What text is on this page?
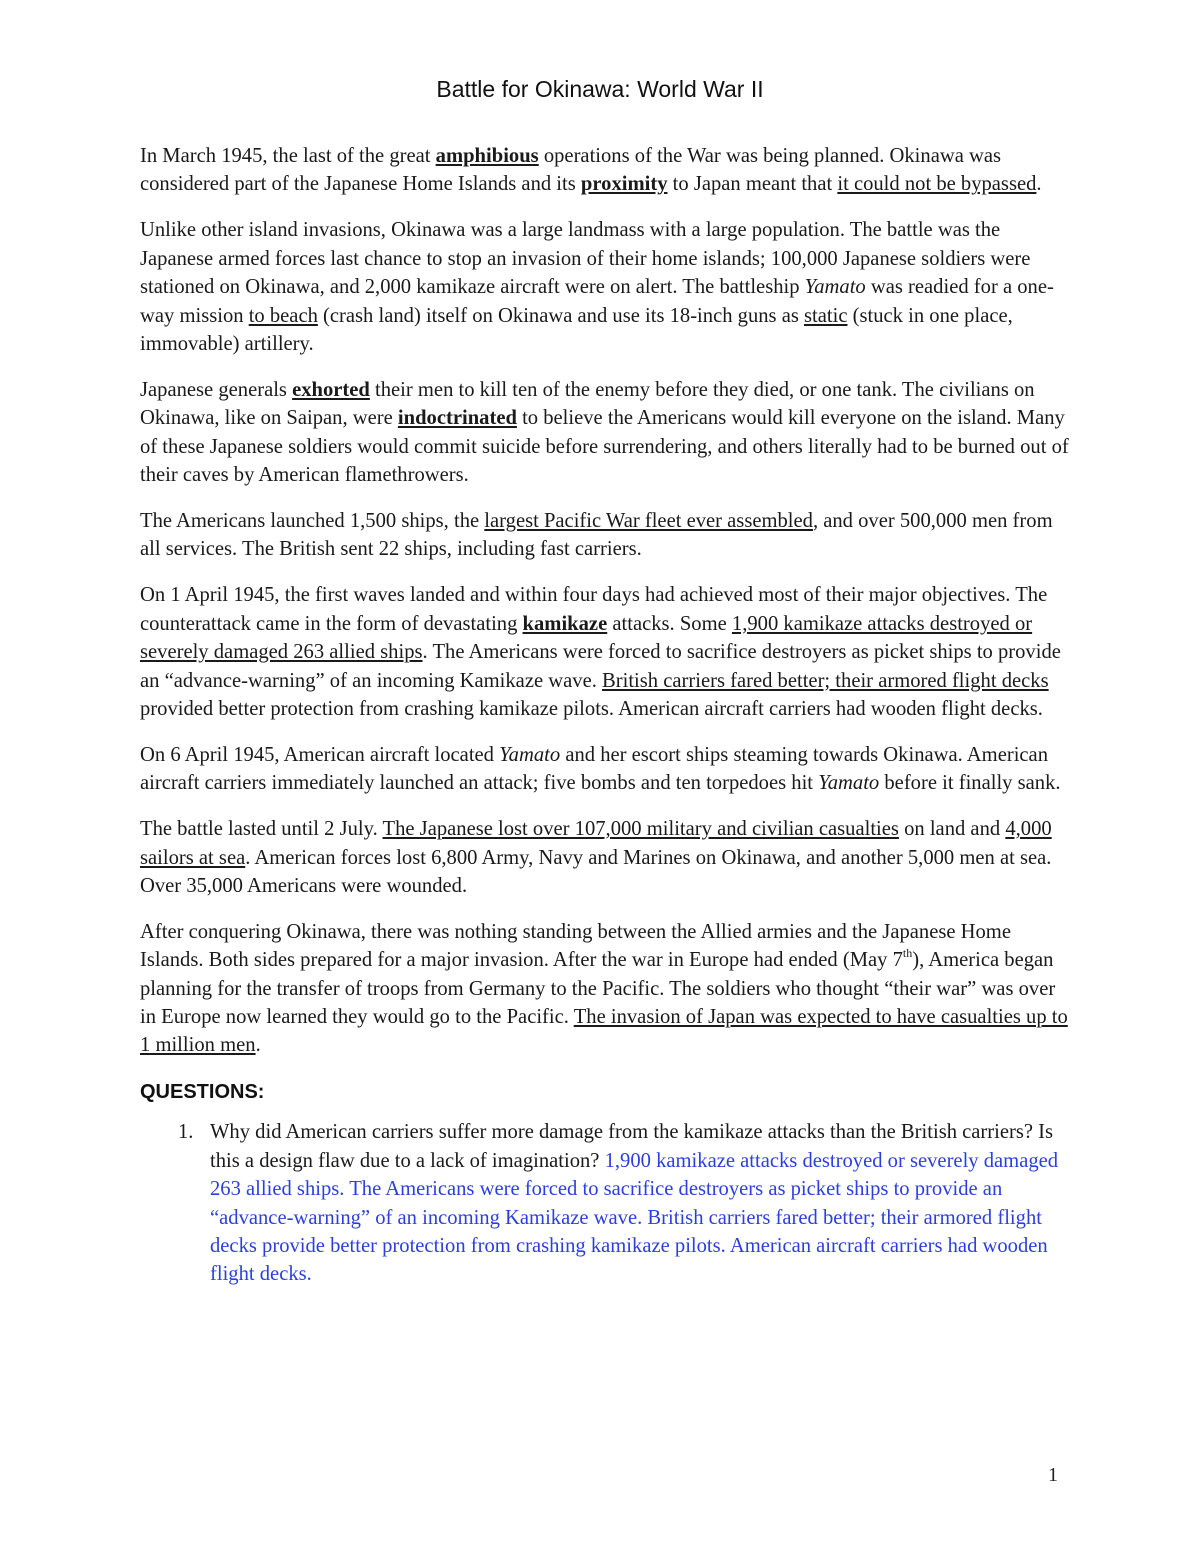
Battle for Okinawa: World War II

In March 1945, the last of the great amphibious operations of the War was being planned. Okinawa was considered part of the Japanese Home Islands and its proximity to Japan meant that it could not be bypassed.

Unlike other island invasions, Okinawa was a large landmass with a large population. The battle was the Japanese armed forces last chance to stop an invasion of their home islands; 100,000 Japanese soldiers were stationed on Okinawa, and 2,000 kamikaze aircraft were on alert. The battleship Yamato was readied for a one-way mission to beach (crash land) itself on Okinawa and use its 18-inch guns as static (stuck in one place, immovable) artillery.

Japanese generals exhorted their men to kill ten of the enemy before they died, or one tank. The civilians on Okinawa, like on Saipan, were indoctrinated to believe the Americans would kill everyone on the island. Many of these Japanese soldiers would commit suicide before surrendering, and others literally had to be burned out of their caves by American flamethrowers.

The Americans launched 1,500 ships, the largest Pacific War fleet ever assembled, and over 500,000 men from all services. The British sent 22 ships, including fast carriers.

On 1 April 1945, the first waves landed and within four days had achieved most of their major objectives. The counterattack came in the form of devastating kamikaze attacks. Some 1,900 kamikaze attacks destroyed or severely damaged 263 allied ships. The Americans were forced to sacrifice destroyers as picket ships to provide an “advance-warning” of an incoming Kamikaze wave. British carriers fared better; their armored flight decks provided better protection from crashing kamikaze pilots. American aircraft carriers had wooden flight decks.

On 6 April 1945, American aircraft located Yamato and her escort ships steaming towards Okinawa. American aircraft carriers immediately launched an attack; five bombs and ten torpedoes hit Yamato before it finally sank.

The battle lasted until 2 July. The Japanese lost over 107,000 military and civilian casualties on land and 4,000 sailors at sea. American forces lost 6,800 Army, Navy and Marines on Okinawa, and another 5,000 men at sea. Over 35,000 Americans were wounded.

After conquering Okinawa, there was nothing standing between the Allied armies and the Japanese Home Islands. Both sides prepared for a major invasion. After the war in Europe had ended (May 7th), America began planning for the transfer of troops from Germany to the Pacific. The soldiers who thought “their war” was over in Europe now learned they would go to the Pacific. The invasion of Japan was expected to have casualties up to 1 million men.

QUESTIONS:
1. Why did American carriers suffer more damage from the kamikaze attacks than the British carriers? Is this a design flaw due to a lack of imagination? 1,900 kamikaze attacks destroyed or severely damaged 263 allied ships. The Americans were forced to sacrifice destroyers as picket ships to provide an “advance-warning” of an incoming Kamikaze wave. British carriers fared better; their armored flight decks provide better protection from crashing kamikaze pilots. American aircraft carriers had wooden flight decks.
1
